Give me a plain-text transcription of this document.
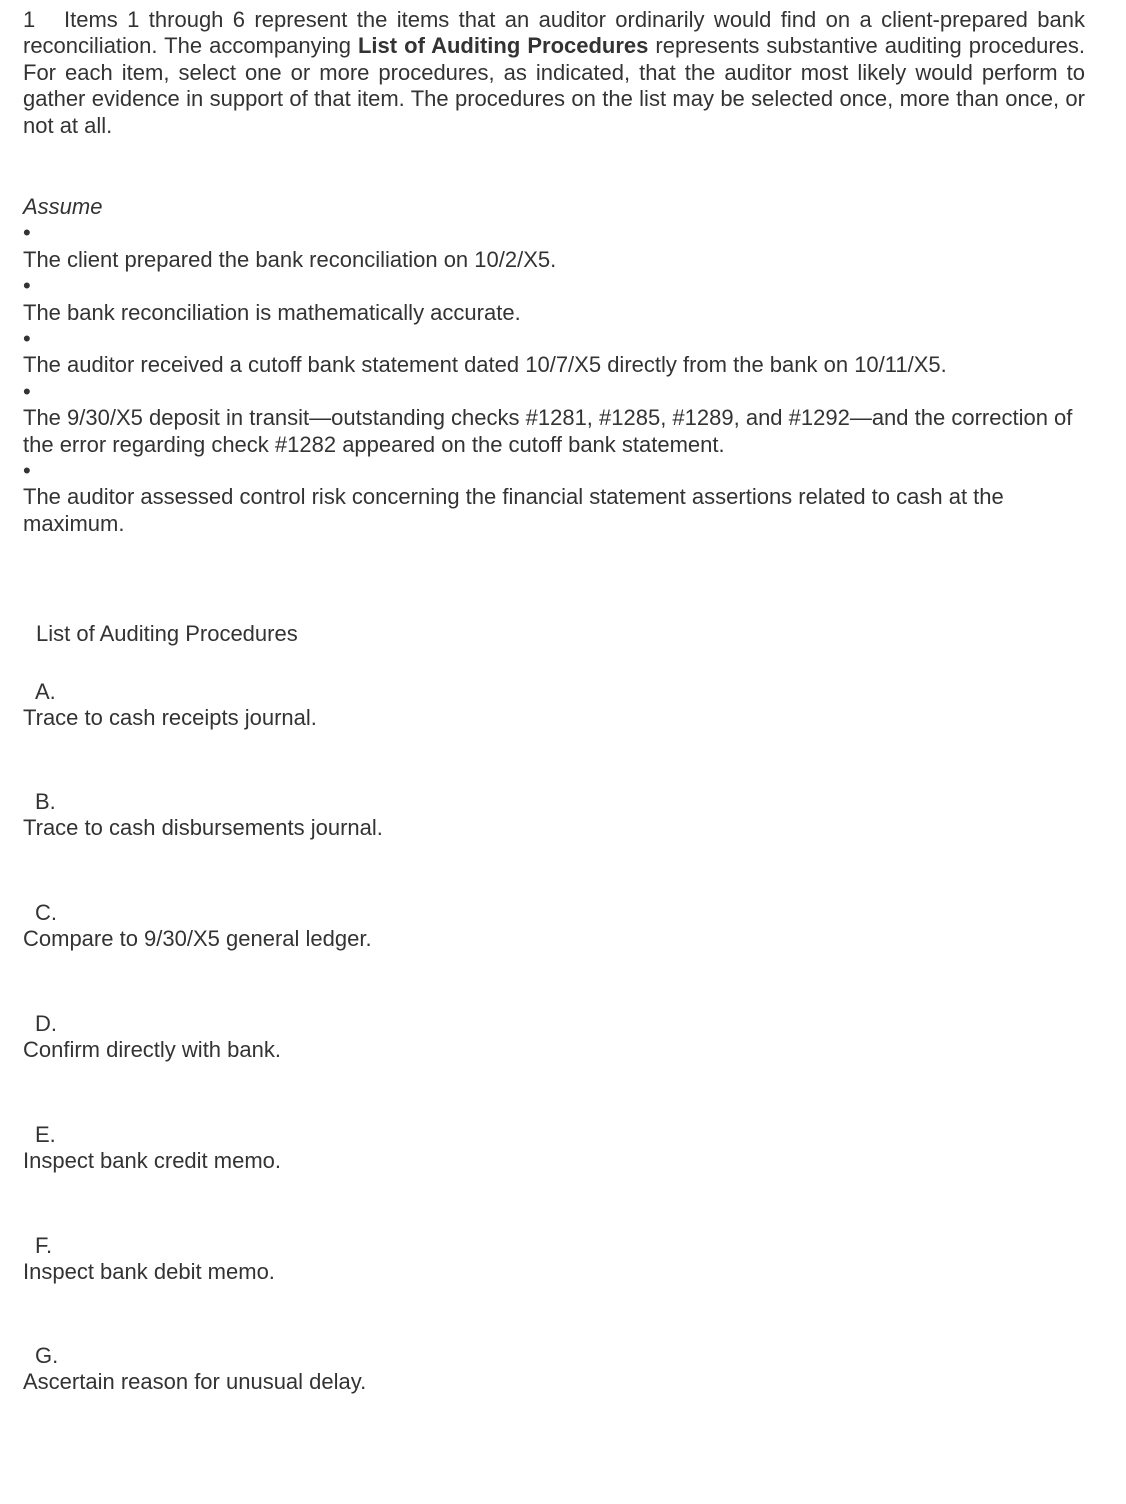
1 Items 1 through 6 represent the items that an auditor ordinarily would find on a client-prepared bank reconciliation. The accompanying List of Auditing Procedures represents substantive auditing procedures. For each item, select one or more procedures, as indicated, that the auditor most likely would perform to gather evidence in support of that item. The procedures on the list may be selected once, more than once, or not at all.

Assume

•
The client prepared the bank reconciliation on 10/2/X5.
•
The bank reconciliation is mathematically accurate.
•
The auditor received a cutoff bank statement dated 10/7/X5 directly from the bank on 10/11/X5.
•
The 9/30/X5 deposit in transit—outstanding checks #1281, #1285, #1289, and #1292—and the correction of the error regarding check #1282 appeared on the cutoff bank statement.
•
The auditor assessed control risk concerning the financial statement assertions related to cash at the maximum.

List of Auditing Procedures

A.
Trace to cash receipts journal.
B.
Trace to cash disbursements journal.
C.
Compare to 9/30/X5 general ledger.
D.
Confirm directly with bank.
E.
Inspect bank credit memo.
F.
Inspect bank debit memo.
G.
Ascertain reason for unusual delay.
